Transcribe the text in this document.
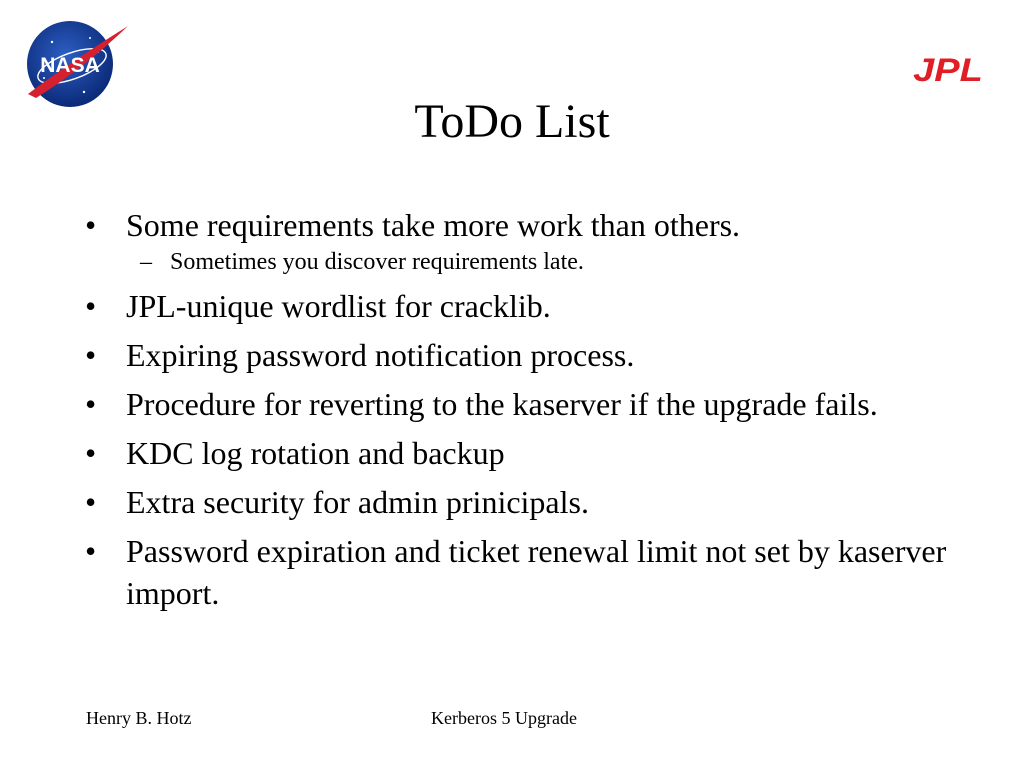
NASA	JPL
ToDo List
• Some requirements take more work than others.
– Sometimes you discover requirements late.
• JPL-unique wordlist for cracklib.
• Expiring password notification process.
• Procedure for reverting to the kaserver if the upgrade fails.
• KDC log rotation and backup
• Extra security for admin prinicipals.
• Password expiration and ticket renewal limit not set by kaserver import.
Henry B. Hotz	Kerberos 5 Upgrade
